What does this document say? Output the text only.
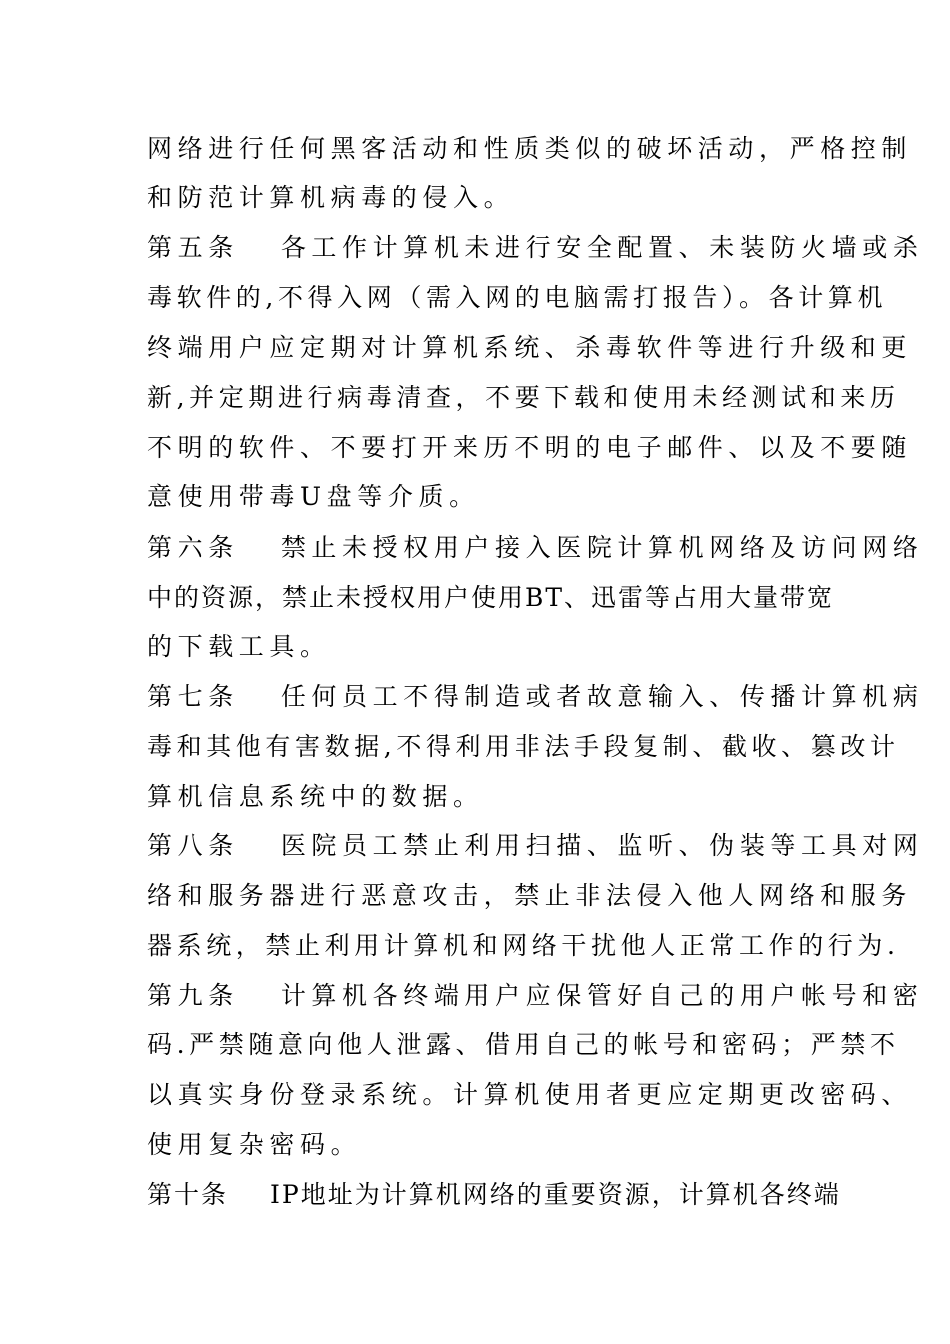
网络进行任何黑客活动和性质类似的破坏活动，严格控制
和防范计算机病毒的侵入。
第五条 各工作计算机未进行安全配置、未装防火墙或杀
毒软件的,不得入网（需入网的电脑需打报告）。各计算机
终端用户应定期对计算机系统、杀毒软件等进行升级和更
新,并定期进行病毒清查，不要下载和使用未经测试和来历
不明的软件、不要打开来历不明的电子邮件、以及不要随
意使用带毒U盘等介质。
第六条 禁止未授权用户接入医院计算机网络及访问网络
中的资源，禁止未授权用户使用BT、迅雷等占用大量带宽
的下载工具。
第七条 任何员工不得制造或者故意输入、传播计算机病
毒和其他有害数据,不得利用非法手段复制、截收、篡改计
算机信息系统中的数据。
第八条 医院员工禁止利用扫描、监听、伪装等工具对网
络和服务器进行恶意攻击，禁止非法侵入他人网络和服务
器系统，禁止利用计算机和网络干扰他人正常工作的行为.
第九条 计算机各终端用户应保管好自己的用户帐号和密
码.严禁随意向他人泄露、借用自己的帐号和密码；严禁不
以真实身份登录系统。计算机使用者更应定期更改密码、
使用复杂密码。
第十条 IP地址为计算机网络的重要资源，计算机各终端
